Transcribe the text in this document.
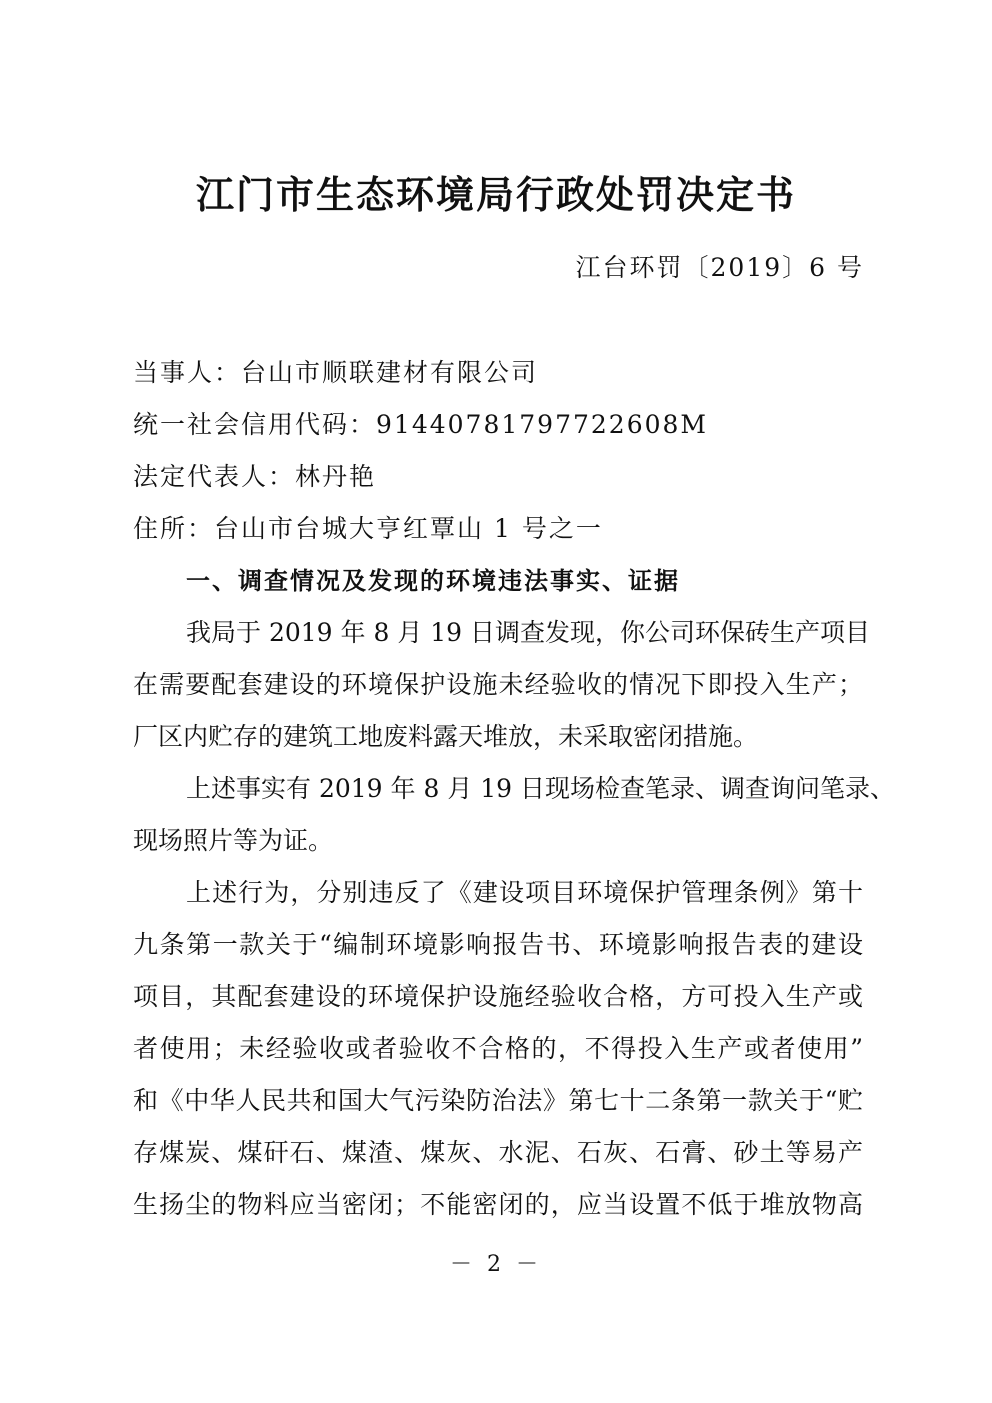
江门市生态环境局行政处罚决定书
江台环罚〔2019〕6 号
当事人：台山市顺联建材有限公司
统一社会信用代码：91440781797722608M
法定代表人：林丹艳
住所：台山市台城大亨红覃山 1 号之一
一、调查情况及发现的环境违法事实、证据
我局于 2019 年 8 月 19 日调查发现，你公司环保砖生产项目
在需要配套建设的环境保护设施未经验收的情况下即投入生产；
厂区内贮存的建筑工地废料露天堆放，未采取密闭措施。
上述事实有 2019 年 8 月 19 日现场检查笔录、调查询问笔录、
现场照片等为证。
上述行为，分别违反了《建设项目环境保护管理条例》第十
九条第一款关于“编制环境影响报告书、环境影响报告表的建设
项目，其配套建设的环境保护设施经验收合格，方可投入生产或
者使用；未经验收或者验收不合格的，不得投入生产或者使用”
和《中华人民共和国大气污染防治法》第七十二条第一款关于“贮
存煤炭、煤矸石、煤渣、煤灰、水泥、石灰、石膏、砂土等易产
生扬尘的物料应当密闭；不能密闭的，应当设置不低于堆放物高
－ 2 －
